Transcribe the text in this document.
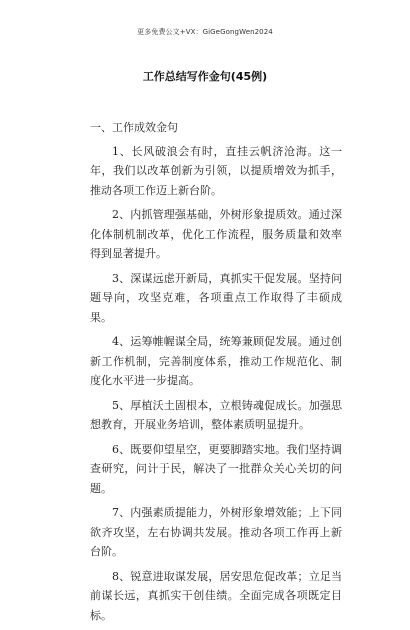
更多免费公文+VX：GiGeGongWen2024
工作总结写作金句(45例)
一、工作成效金句

1、长风破浪会有时，直挂云帆济沧海。这一年，我们以改革创新为引领，以提质增效为抓手，推动各项工作迈上新台阶。

2、内抓管理强基础，外树形象提质效。通过深化体制机制改革，优化工作流程，服务质量和效率得到显著提升。

3、深谋远虑开新局，真抓实干促发展。坚持问题导向，攻坚克难，各项重点工作取得了丰硕成果。

4、运筹帷幄谋全局，统筹兼顾促发展。通过创新工作机制，完善制度体系，推动工作规范化、制度化水平进一步提高。

5、厚植沃土固根本，立根铸魂促成长。加强思想教育，开展业务培训，整体素质明显提升。

6、既要仰望星空，更要脚踏实地。我们坚持调查研究，问计于民，解决了一批群众关心关切的问题。

7、内强素质提能力，外树形象增效能；上下同欲齐攻坚，左右协调共发展。推动各项工作再上新台阶。

8、锐意进取谋发展，居安思危促改革；立足当前谋长远，真抓实干创佳绩。全面完成各项既定目标。
